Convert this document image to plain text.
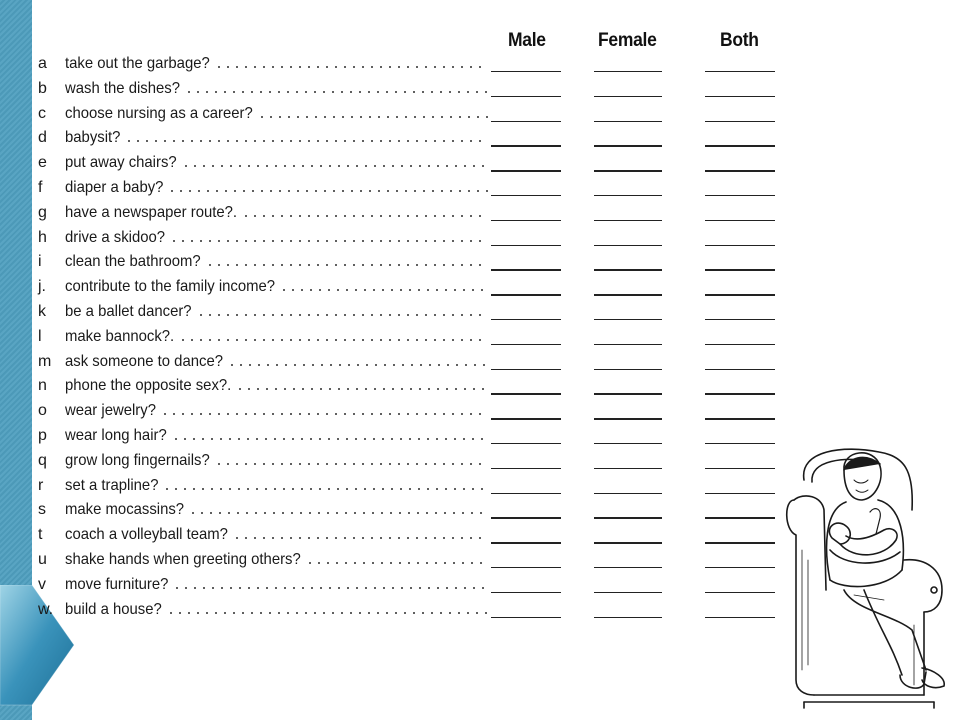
Male	Female	Both
a	take out the garbage?
b	wash the dishes?
c	choose nursing as a career?
d	babysit?
e	put away chairs?
f	diaper a baby?
g	have a newspaper route?.
h	drive a skidoo?
i	clean the bathroom?
j.	contribute to the family income?
k	be a ballet dancer?
l	make bannock?.
m ask someone to dance?
n	phone the opposite sex?.
o	wear jewelry?
p	wear long hair?
q	grow long fingernails?
r	set a trapline?
s	make mocassins?
t	coach a volleyball team?
u	shake hands when greeting others?
v	move furniture?
w. build a house?
